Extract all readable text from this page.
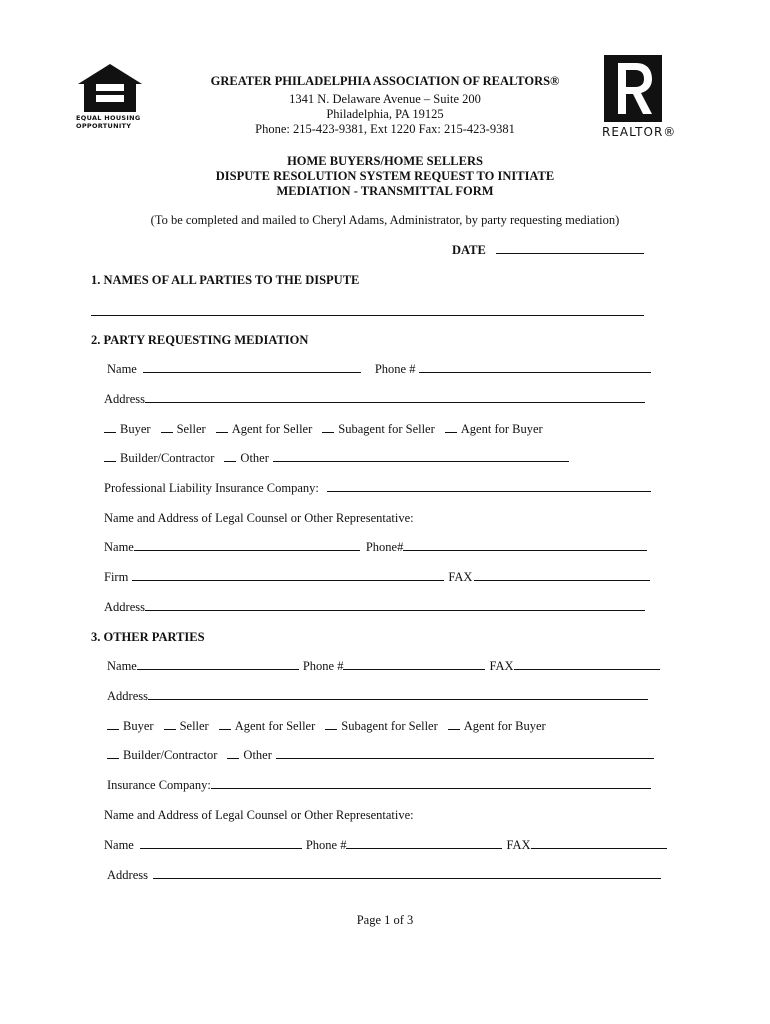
EQUAL HOUSING
OPPORTUNITY	REALTOR®
GREATER PHILADELPHIA ASSOCIATION OF REALTORS®
1341 N. Delaware Avenue – Suite 200
Philadelphia, PA 19125
Phone: 215-423-9381, Ext 1220 Fax: 215-423-9381
HOME BUYERS/HOME SELLERS
DISPUTE RESOLUTION SYSTEM REQUEST TO INITIATE
MEDIATION - TRANSMITTAL FORM
(To be completed and mailed to Cheryl Adams, Administrator, by party requesting mediation)
DATE
1. NAMES OF ALL PARTIES TO THE DISPUTE
2. PARTY REQUESTING MEDIATION
Name	Phone #
Address
Buyer Seller Agent for Seller Subagent for Seller Agent for Buyer
Builder/Contractor Other
Professional Liability Insurance Company:
Name and Address of Legal Counsel or Other Representative:
Name	Phone#
Firm	FAX
Address
3. OTHER PARTIES
Name	Phone #	FAX
Address
Buyer Seller Agent for Seller Subagent for Seller Agent for Buyer
Builder/Contractor Other
Insurance Company:
Name and Address of Legal Counsel or Other Representative:
Name	Phone #	FAX
Address
Page 1 of 3
